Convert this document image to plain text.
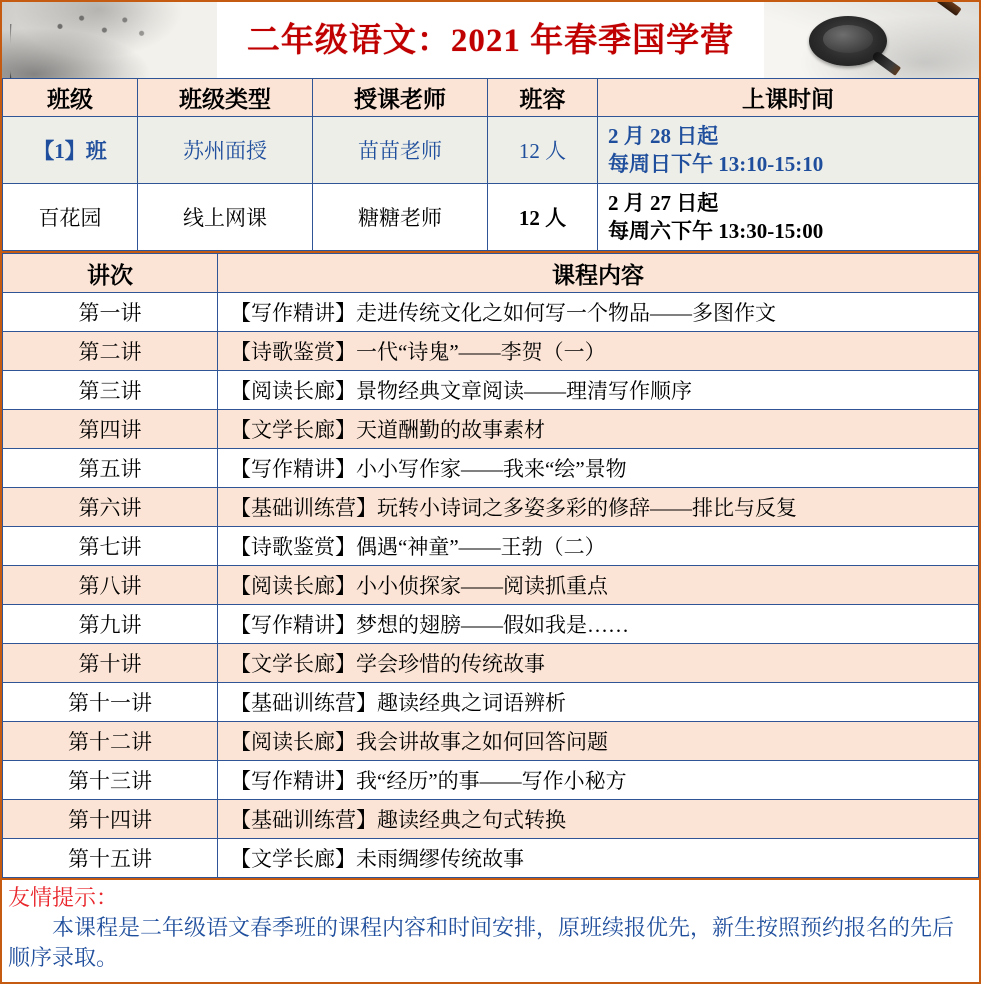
二年级语文：2021 年春季国学营
班级	班级类型	授课老师	班容	上课时间
【1】班	苏州面授	苗苗老师	12 人	2 月 28 日起
每周日下午 13:10-15:10

百花园	线上网课	糖糖老师	12 人	2 月 27 日起
每周六下午 13:30-15:00
讲次	课程内容
第一讲	【写作精讲】走进传统文化之如何写一个物品——多图作文
第二讲	【诗歌鉴赏】一代“诗鬼”——李贺（一）
第三讲	【阅读长廊】景物经典文章阅读——理清写作顺序
第四讲	【文学长廊】天道酬勤的故事素材
第五讲	【写作精讲】小小写作家——我来“绘”景物
第六讲	【基础训练营】玩转小诗词之多姿多彩的修辞——排比与反复
第七讲	【诗歌鉴赏】偶遇“神童”——王勃（二）
第八讲	【阅读长廊】小小侦探家——阅读抓重点
第九讲	【写作精讲】梦想的翅膀——假如我是……
第十讲	【文学长廊】学会珍惜的传统故事
第十一讲	【基础训练营】趣读经典之词语辨析
第十二讲	【阅读长廊】我会讲故事之如何回答问题
第十三讲	【写作精讲】我“经历”的事——写作小秘方
第十四讲	【基础训练营】趣读经典之句式转换
第十五讲	【文学长廊】未雨绸缪传统故事
友情提示：
本课程是二年级语文春季班的课程内容和时间安排，原班续报优先，新生按照预约报名的先后顺序录取。
